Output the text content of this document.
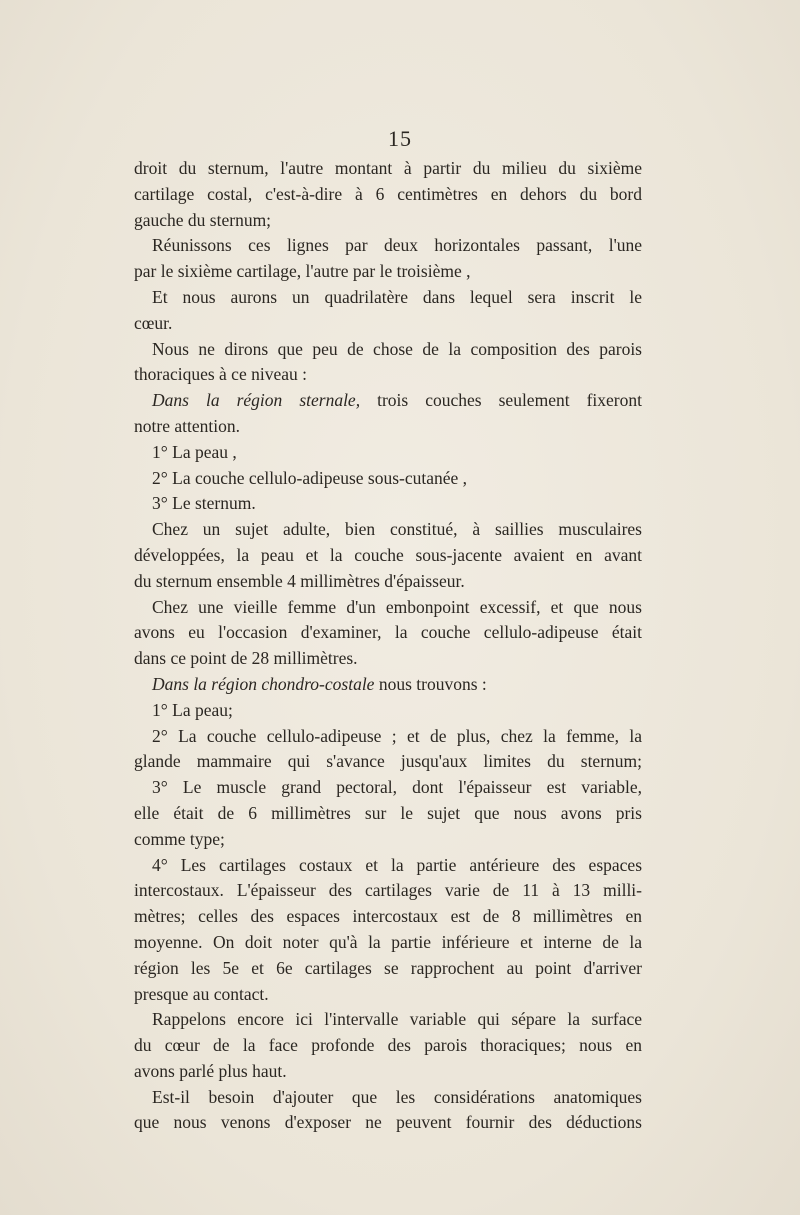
15
droit du sternum, l'autre montant à partir du milieu du sixième
cartilage costal, c'est-à-dire à 6 centimètres en dehors du bord
gauche du sternum;
Réunissons ces lignes par deux horizontales passant, l'une
par le sixième cartilage, l'autre par le troisième ,
Et nous aurons un quadrilatère dans lequel sera inscrit le
cœur.
Nous ne dirons que peu de chose de la composition des parois
thoraciques à ce niveau :
Dans la région sternale, trois couches seulement fixeront
notre attention.
1° La peau ,
2° La couche cellulo-adipeuse sous-cutanée ,
3° Le sternum.
Chez un sujet adulte, bien constitué, à saillies musculaires
développées, la peau et la couche sous-jacente avaient en avant
du sternum ensemble 4 millimètres d'épaisseur.
Chez une vieille femme d'un embonpoint excessif, et que nous
avons eu l'occasion d'examiner, la couche cellulo-adipeuse était
dans ce point de 28 millimètres.
Dans la région chondro-costale nous trouvons :
1° La peau;
2° La couche cellulo-adipeuse ; et de plus, chez la femme, la
glande mammaire qui s'avance jusqu'aux limites du sternum;
3° Le muscle grand pectoral, dont l'épaisseur est variable,
elle était de 6 millimètres sur le sujet que nous avons pris
comme type;
4° Les cartilages costaux et la partie antérieure des espaces
intercostaux. L'épaisseur des cartilages varie de 11 à 13 milli-
mètres; celles des espaces intercostaux est de 8 millimètres en
moyenne. On doit noter qu'à la partie inférieure et interne de la
région les 5e et 6e cartilages se rapprochent au point d'arriver
presque au contact.
Rappelons encore ici l'intervalle variable qui sépare la surface
du cœur de la face profonde des parois thoraciques; nous en
avons parlé plus haut.
Est-il besoin d'ajouter que les considérations anatomiques
que nous venons d'exposer ne peuvent fournir des déductions
